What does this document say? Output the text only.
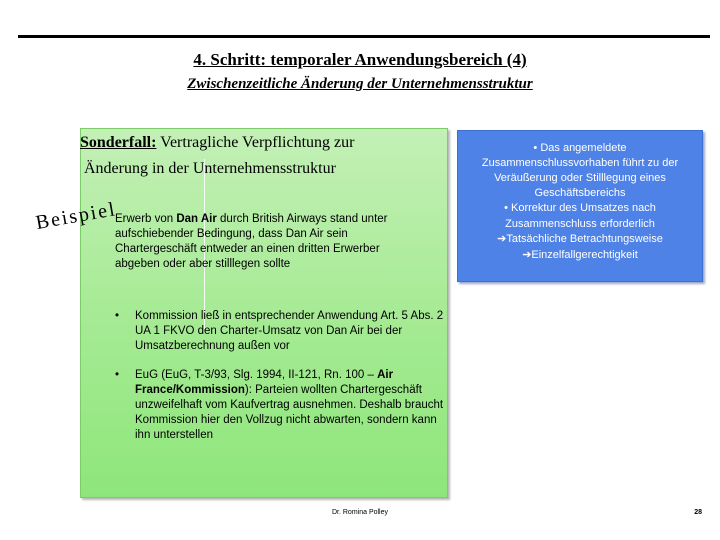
4. Schritt: temporaler Anwendungsbereich (4)
Zwischenzeitliche Änderung der Unternehmensstruktur
Sonderfall: Vertragliche Verpflichtung zur
Änderung in der Unternehmensstruktur
Beispiel
Erwerb von Dan Air durch British Airways stand unter aufschiebender Bedingung, dass Dan Air sein Chartergeschäft entweder an einen dritten Erwerber abgeben oder aber stilllegen sollte
• Kommission ließ in entsprechender Anwendung Art. 5 Abs. 2 UA 1 FKVO den Charter-Umsatz von Dan Air bei der Umsatzberechnung außen vor
• EuG (EuG, T-3/93, Slg. 1994, II-121, Rn. 100 – Air France/Kommission): Parteien wollten Chartergeschäft unzweifelhaft vom Kaufvertrag ausnehmen. Deshalb braucht Kommission hier den Vollzug nicht abwarten, sondern kann ihn unterstellen
• Das angemeldete
Zusammenschlussvorhaben führt zu der
Veräußerung oder Stilllegung eines
Geschäftsbereichs
• Korrektur des Umsatzes nach
Zusammenschluss erforderlich
➔Tatsächliche Betrachtungsweise
➔Einzelfallgerechtigkeit
Dr. Romina Polley	28
